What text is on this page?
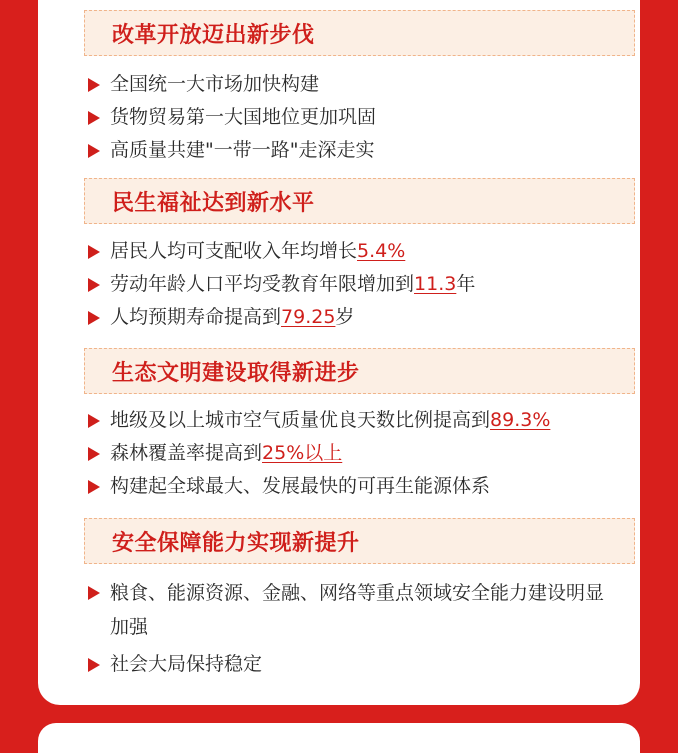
改革开放迈出新步伐
全国统一大市场加快构建
货物贸易第一大国地位更加巩固
高质量共建"一带一路"走深走实
民生福祉达到新水平
居民人均可支配收入年均增长5.4%
劳动年龄人口平均受教育年限增加到11.3年
人均预期寿命提高到79.25岁
生态文明建设取得新进步
地级及以上城市空气质量优良天数比例提高到89.3%
森林覆盖率提高到25%以上
构建起全球最大、发展最快的可再生能源体系
安全保障能力实现新提升
粮食、能源资源、金融、网络等重点领域安全能力建设明显加强
社会大局保持稳定
